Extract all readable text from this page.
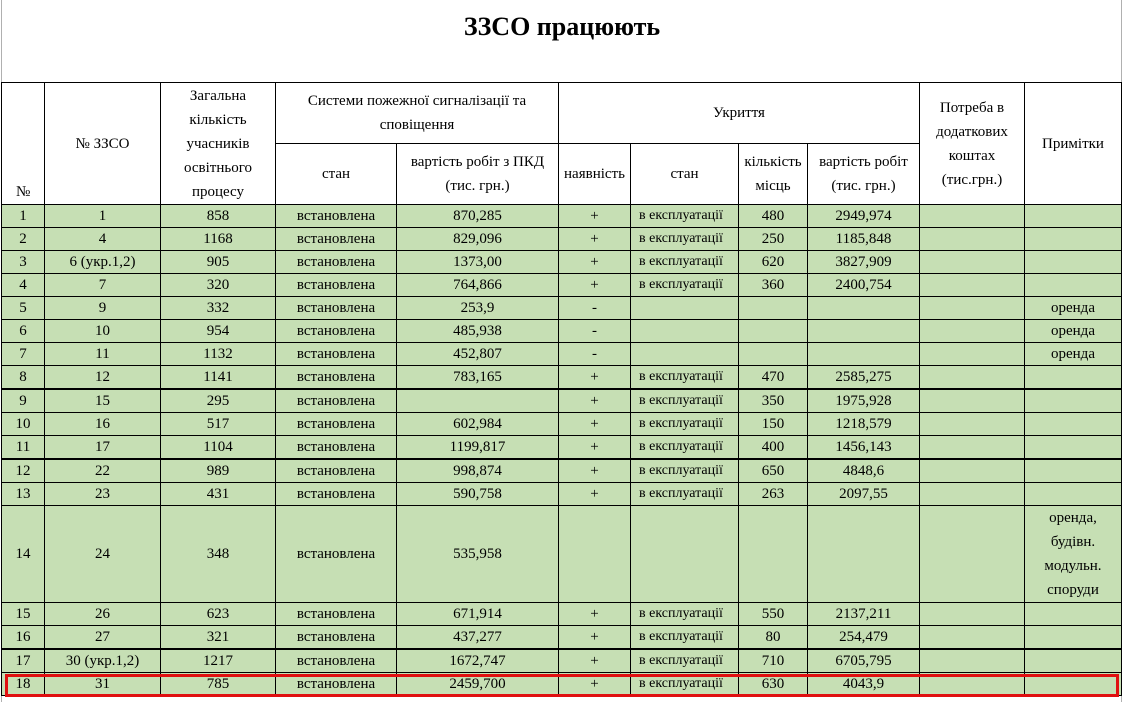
ЗЗСО працюють
№	№ ЗЗСО	Загальна кількість учасників освітнього процесу	Системи пожежної сигналізації та сповіщення		Укриття				Потреба в додаткових коштах (тис.грн.)	Примітки
			стан	вартість робіт з ПКД (тис. грн.)	наявність	стан	кількість місць	вартість робіт (тис. грн.)		
1	1	858	встановлена	870,285	+	в експлуатації	480	2949,974		
2	4	1168	встановлена	829,096	+	в експлуатації	250	1185,848		
3	6 (укр.1,2)	905	встановлена	1373,00	+	в експлуатації	620	3827,909		
4	7	320	встановлена	764,866	+	в експлуатації	360	2400,754		
5	9	332	встановлена	253,9	-					оренда
6	10	954	встановлена	485,938	-					оренда
7	11	1132	встановлена	452,807	-					оренда
8	12	1141	встановлена	783,165	+	в експлуатації	470	2585,275		
9	15	295	встановлена		+	в експлуатації	350	1975,928		
10	16	517	встановлена	602,984	+	в експлуатації	150	1218,579		
11	17	1104	встановлена	1199,817	+	в експлуатації	400	1456,143		
12	22	989	встановлена	998,874	+	в експлуатації	650	4848,6		
13	23	431	встановлена	590,758	+	в експлуатації	263	2097,55		
14	24	348	встановлена	535,958						оренда, будівн. модульн. споруди
15	26	623	встановлена	671,914	+	в експлуатації	550	2137,211		
16	27	321	встановлена	437,277	+	в експлуатації	80	254,479		
17	30 (укр.1,2)	1217	встановлена	1672,747	+	в експлуатації	710	6705,795		
18	31	785	встановлена	2459,700	+	в експлуатації	630	4043,9		
